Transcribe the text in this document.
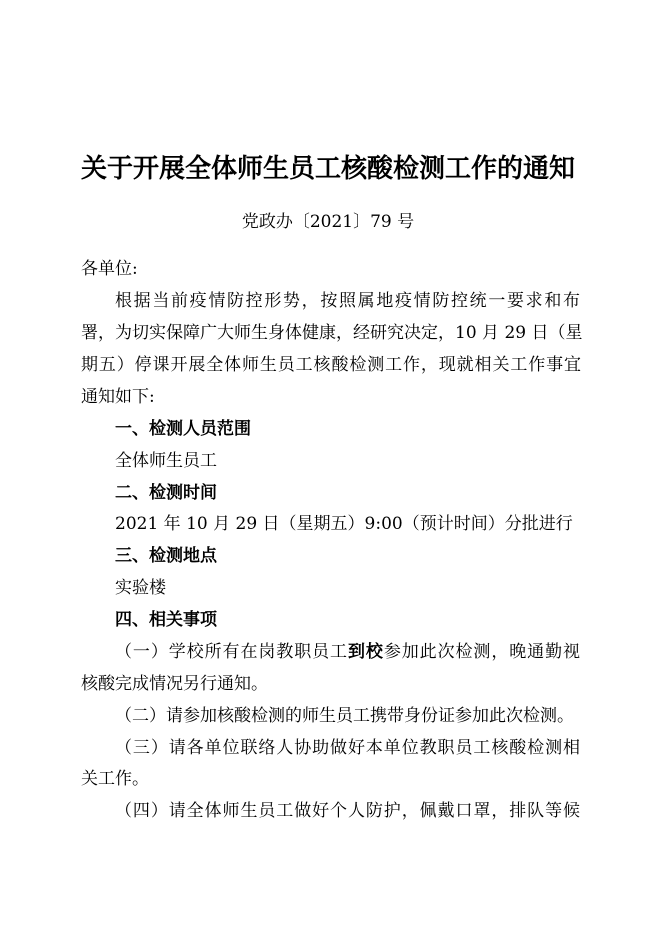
关于开展全体师生员工核酸检测工作的通知
党政办〔2021〕79 号
各单位:
根据当前疫情防控形势，按照属地疫情防控统一要求和布
署，为切实保障广大师生身体健康，经研究决定，10 月 29 日（星
期五）停课开展全体师生员工核酸检测工作，现就相关工作事宜
通知如下:
一、检测人员范围
全体师生员工
二、检测时间
2021 年 10 月 29 日（星期五）9:00（预计时间）分批进行
三、检测地点
实验楼
四、相关事项
（一）学校所有在岗教职员工到校参加此次检测，晚通勤视
核酸完成情况另行通知。
（二）请参加核酸检测的师生员工携带身份证参加此次检测。
（三）请各单位联络人协助做好本单位教职员工核酸检测相
关工作。
（四）请全体师生员工做好个人防护，佩戴口罩，排队等候
